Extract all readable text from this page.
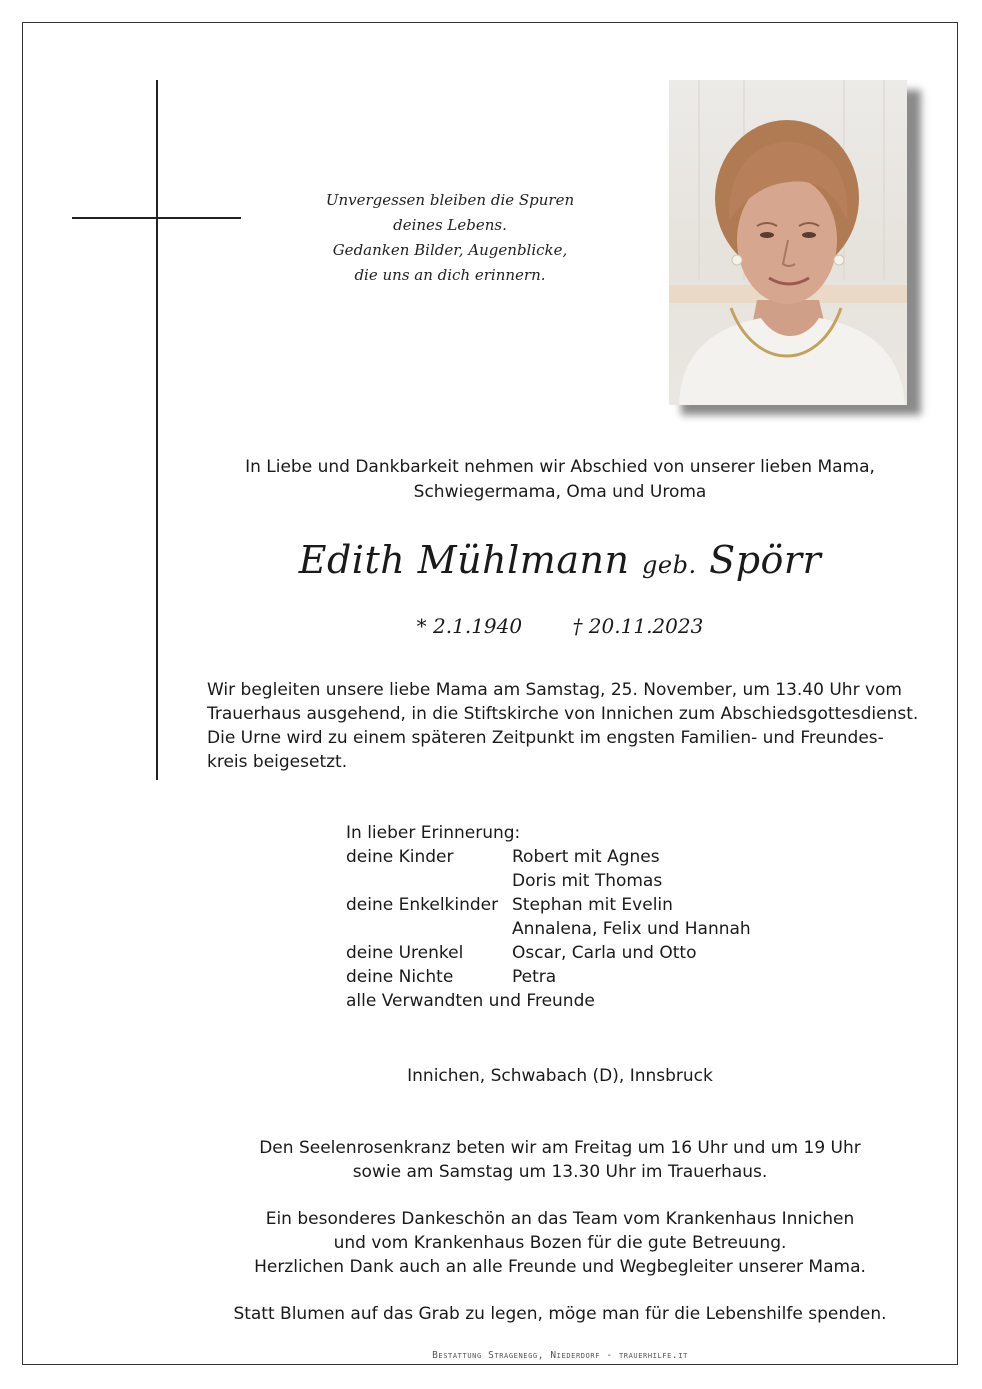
Unvergessen bleiben die Spuren
deines Lebens.
Gedanken Bilder, Augenblicke,
die uns an dich erinnern.
In Liebe und Dankbarkeit nehmen wir Abschied von unserer lieben Mama,
Schwiegermama, Oma und Uroma
Edith Mühlmann geb. Spörr
* 2.1.1940	† 20.11.2023
Wir begleiten unsere liebe Mama am Samstag, 25. November, um 13.40 Uhr vom
Trauerhaus ausgehend, in die Stiftskirche von Innichen zum Abschiedsgottesdienst.
Die Urne wird zu einem späteren Zeitpunkt im engsten Familien- und Freundes-
kreis beigesetzt.
In lieber Erinnerung:
deine Kinder	Robert mit Agnes
Doris mit Thomas
deine Enkelkinder Stephan mit Evelin
Annalena, Felix und Hannah
deine Urenkel	Oscar, Carla und Otto
deine Nichte	Petra
alle Verwandten und Freunde
Innichen, Schwabach (D), Innsbruck
Den Seelenrosenkranz beten wir am Freitag um 16 Uhr und um 19 Uhr
sowie am Samstag um 13.30 Uhr im Trauerhaus.
Ein besonderes Dankeschön an das Team vom Krankenhaus Innichen
und vom Krankenhaus Bozen für die gute Betreuung.
Herzlichen Dank auch an alle Freunde und Wegbegleiter unserer Mama.
Statt Blumen auf das Grab zu legen, möge man für die Lebenshilfe spenden.
Bestattung Stragenegg, Niederdorf - trauerhilfe.it
